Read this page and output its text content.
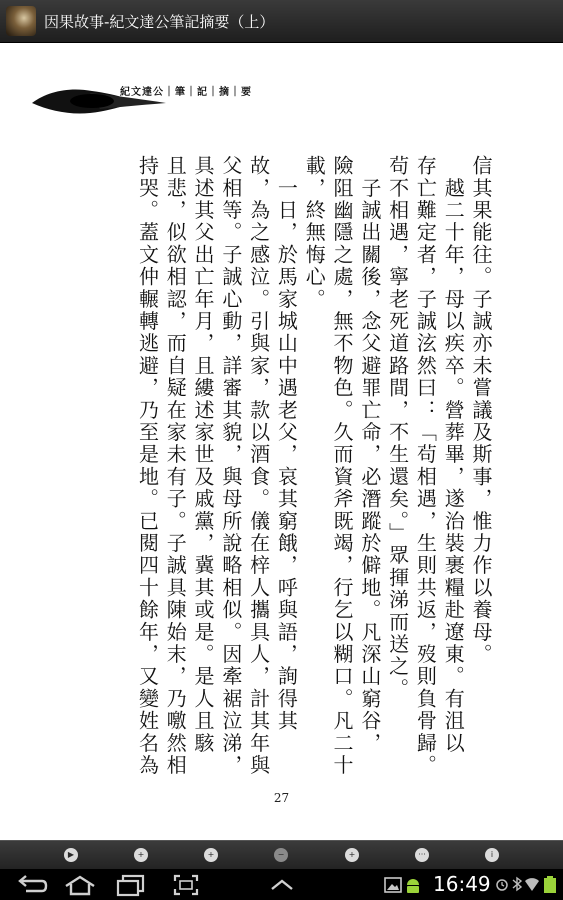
因果故事-紀文達公筆記摘要（上）
紀文達公｜筆｜記｜摘｜要

信其果能往。子誠亦未嘗議及斯事，惟力作以養母。

　越二十年，母以疾卒。營葬畢，遂治裝裹糧赴遼東。有沮以

存亡難定者，子誠泫然曰：「茍相遇，生則共返，歿則負骨歸。

茍不相遇，寧老死道路間，不生還矣。」眾揮涕而送之。

　子誠出關後，念父避罪亡命，必潛蹤於僻地。凡深山窮谷，

險阻幽隱之處，無不物色。久而資斧既竭，行乞以糊口。凡二十

載，終無悔心。

　一日，於馬家城山中遇老父，哀其窮餓，呼與語，詢得其

故，為之感泣。引與家，款以酒食。儀在梓人攜具人，計其年與

父相等。子誠心動，詳審其貌，與母所說略相似。因牽裾泣涕，

具述其父出亡年月，且縷述家世及戚黨，冀其或是。是人且駭

且悲，似欲相認，而自疑在家未有子。子誠具陳始末，乃噭然相

持哭。蓋文仲輾轉逃避，乃至是地。已閱四十餘年，又變姓名為

27
▶	+	+	−	+	···	i
16:49
